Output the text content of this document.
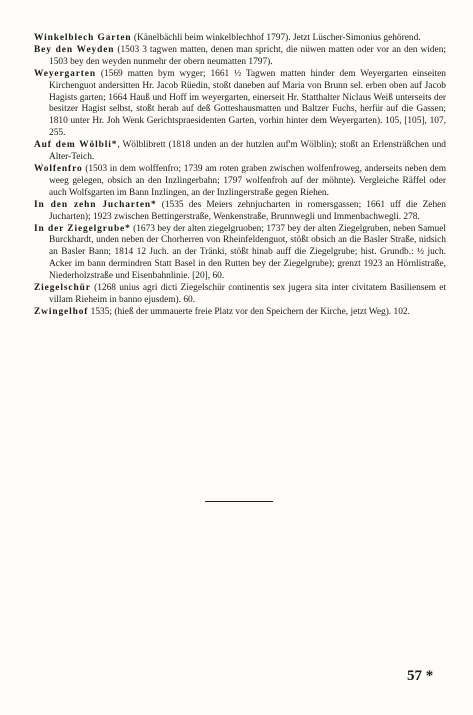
Winkelblech Garten (Känelbächli beim winkelblechhof 1797). Jetzt Lüscher-Simonius gehörend.

Bey den Weyden (1503 3 tagwen matten, denen man spricht, die nüwen matten oder vor an den widen; 1503 bey den weyden nunmehr der obern neumatten 1797).

Weyergarten (1569 matten bym wyger; 1661 ½ Tagwen matten hinder dem Weyergarten einseiten Kirchenguot andersitten Hr. Jacob Rüedin, stoßt daneben auf Maria von Brunn sel. erben oben auf Jacob Hagists garten; 1664 Hauß und Hoff im weyergarten, einerseit Hr. Statthalter Niclaus Weiß unterseits der besitzer Hagist selbst, stoßt herab auf deß Gotteshausmatten und Baltzer Fuchs, herfür auf die Gassen; 1810 unter Hr. Joh Wenk Gerichtspraesidenten Garten, vorhin hinter dem Weyergarten). 105, [105], 107, 255.

Auf dem Wölbli*, Wölblibrett (1818 unden an der hutzlen auf'm Wölblin); stoßt an Erlensträßchen und Alter-Teich.

Wolfenfro (1503 in dem wolffenfro; 1739 am roten graben zwischen wolfenfroweg, anderseits neben dem weeg gelegen, obsich an den Inzlingerbahn; 1797 wolfenfroh auf der möhnte). Vergleiche Räffel oder auch Wolfsgarten im Bann Inzlingen, an der Inzlingerstraße gegen Riehen.

In den zehn Jucharten* (1535 des Meiers zehnjucharten in romersgassen; 1661 uff die Zehen Jucharten); 1923 zwischen Bettingerstraße, Wenkenstraße, Brunnwegli und Immenbachwegli. 278.

In der Ziegelgrube* (1673 bey der alten ziegelgruoben; 1737 bey der alten Ziegelgruben, neben Samuel Burckhardt, unden neben der Chorherren von Rheinfeldenguot, stößt obsich an die Basler Straße, nidsich an Basler Bann; 1814 12 Juch. an der Tränki, stößt hinab auff die Ziegelgrube; hist. Grundb.: ½ juch. Acker im bann dermindren Statt Basel in den Rutten bey der Ziegelgrube); grenzt 1923 an Hörnlistraße, Niederholzstraße und Eisenbahnlinie. [20], 60.

Ziegelschür (1268 unius agri dicti Ziegelschür continentis sex jugera sita inter civitatem Basiliensem et villam Rieheim in banno ejusdem). 60.

Zwingelhof 1535; (hieß der ummauerte freie Platz vor den Speichern der Kirche, jetzt Weg). 102.

57 *
